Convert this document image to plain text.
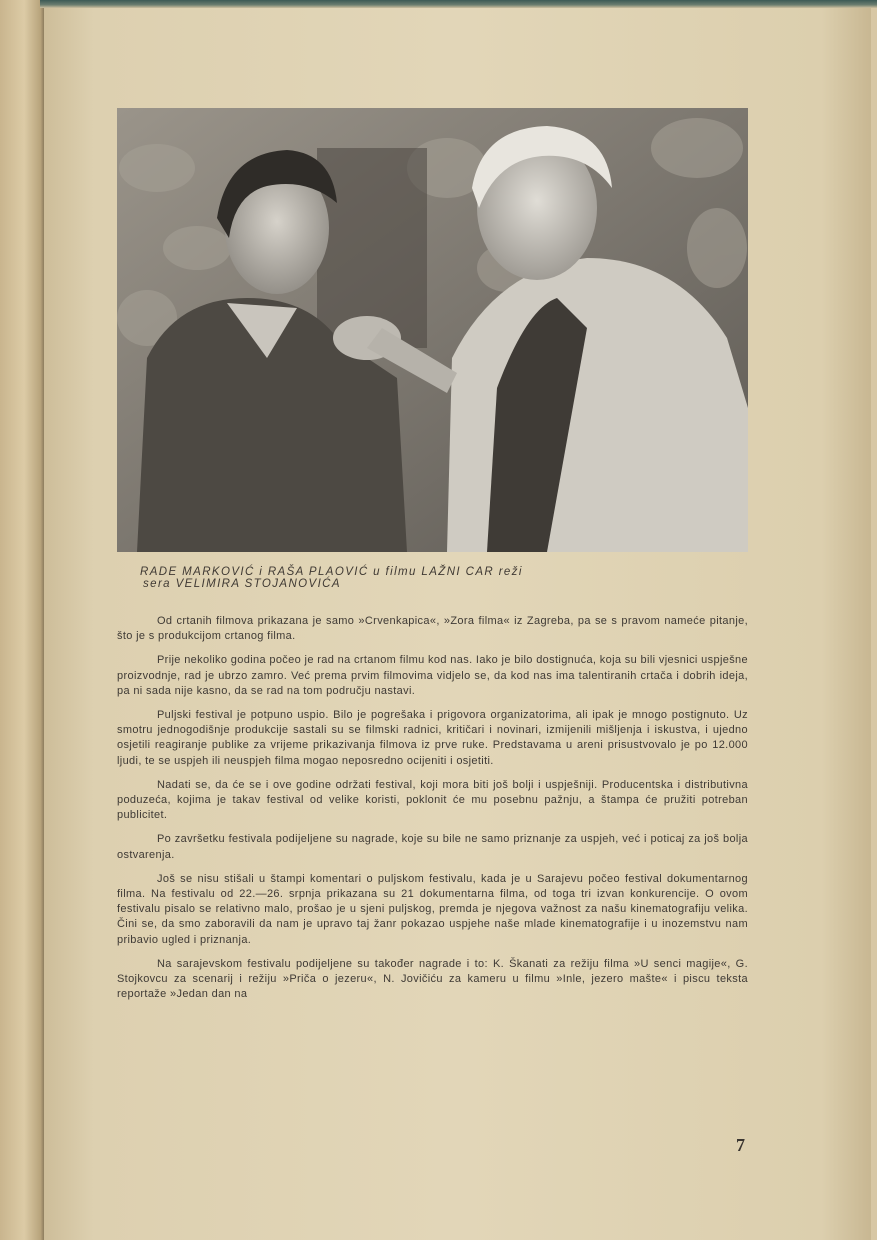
RADE MARKOVIĆ i RAŠA PLAOVIĆ u filmu LAŽNI CAR reži
sera VELIMIRA STOJANOVIĆA

Od crtanih filmova prikazana je samo »Crvenkapica«, »Zora filma« iz Zagreba, pa se s pravom nameće pitanje, što je s produkcijom crtanog filma.

Prije nekoliko godina počeo je rad na crtanom filmu kod nas. Iako je bilo dostignuća, koja su bili vjesnici uspješne proizvodnje, rad je ubrzo zamro. Već prema prvim filmovima vidjelo se, da kod nas ima talentiranih crtača i dobrih ideja, pa ni sada nije kasno, da se rad na tom području nastavi.

Puljski festival je potpuno uspio. Bilo je pogrešaka i prigovora organizatorima, ali ipak je mnogo postignuto. Uz smotru jednogodišnje produkcije sastali su se filmski radnici, kritičari i novinari, izmijenili mišljenja i iskustva, i ujedno osjetili reagiranje publike za vrijeme prikazivanja filmova iz prve ruke. Predstavama u areni prisustvovalo je po 12.000 ljudi, te se uspjeh ili neuspjeh filma mogao neposredno ocijeniti i osjetiti.

Nadati se, da će se i ove godine održati festival, koji mora biti još bolji i uspješniji. Producentska i distributivna poduzeća, kojima je takav festival od velike koristi, poklonit će mu posebnu pažnju, a štampa će pružiti potreban publicitet.

Po završetku festivala podijeljene su nagrade, koje su bile ne samo priznanje za uspjeh, već i poticaj za još bolja ostvarenja.

Još se nisu stišali u štampi komentari o puljskom festivalu, kada je u Sarajevu počeo festival dokumentarnog filma. Na festivalu od 22.—26. srpnja prikazana su 21 dokumentarna filma, od toga tri izvan konkurencije. O ovom festivalu pisalo se relativno malo, prošao je u sjeni puljskog, premda je njegova važnost za našu kinematografiju velika. Čini se, da smo zaboravili da nam je upravo taj žanr pokazao uspjehe naše mlade kinematografije i u inozemstvu nam pribavio ugled i priznanja.

Na sarajevskom festivalu podijeljene su također nagrade i to: K. Škanati za režiju filma »U senci magije«, G. Stojkovcu za scenarij i režiju »Priča o jezeru«, N. Jovičiću za kameru u filmu »Inle, jezero mašte« i piscu teksta reportaže »Jedan dan na

7
